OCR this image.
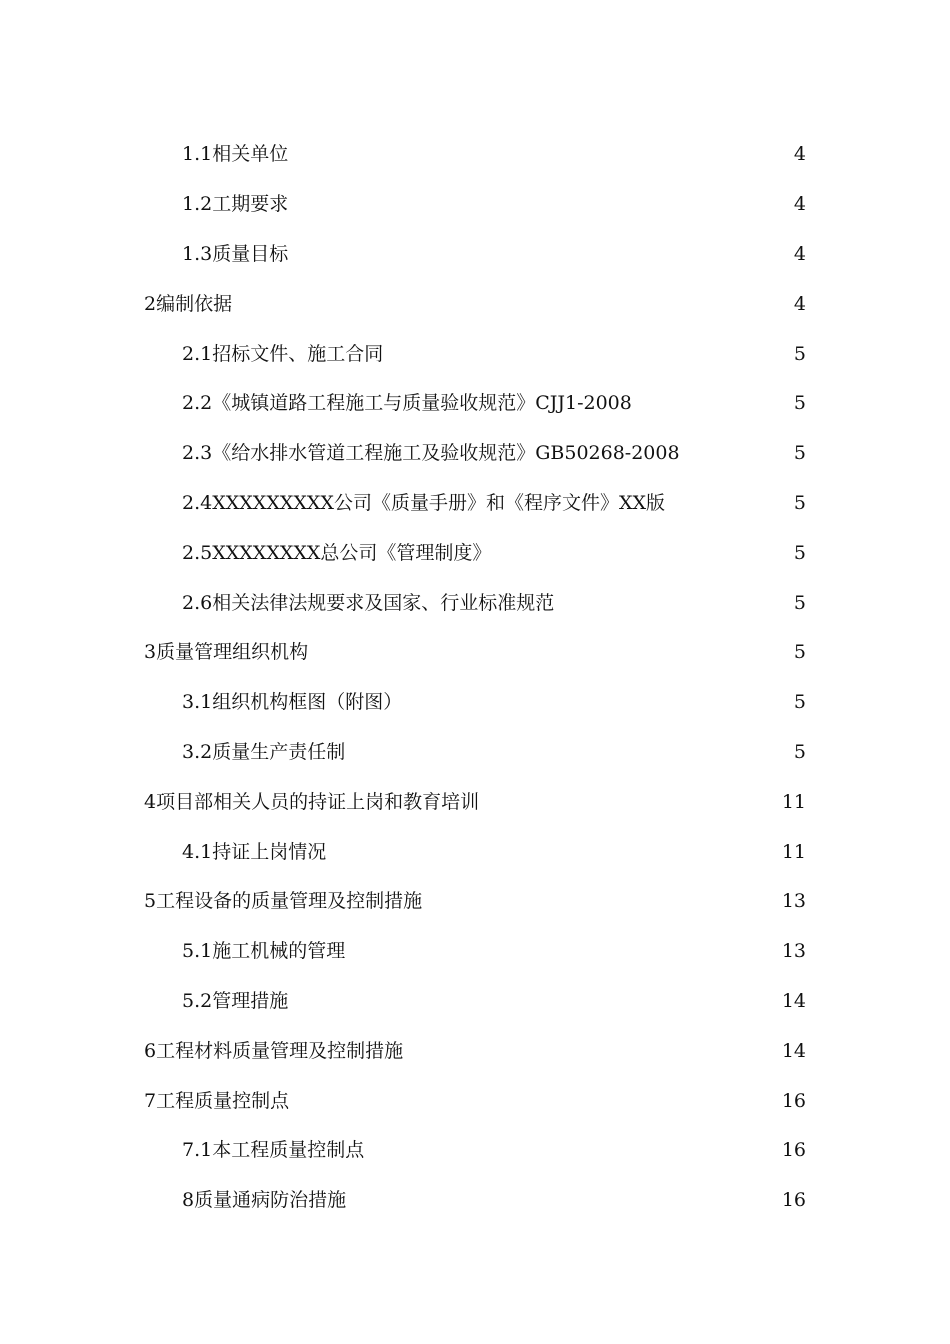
1.1相关单位	4
1.2工期要求	4
1.3质量目标	4
2编制依据	4
2.1招标文件、施工合同	5
2.2《城镇道路工程施工与质量验收规范》CJJ1-2008	5
2.3《给水排水管道工程施工及验收规范》GB50268-2008	5
2.4XXXXXXXXX公司《质量手册》和《程序文件》XX版	5
2.5XXXXXXXX总公司《管理制度》	5
2.6相关法律法规要求及国家、行业标准规范	5
3质量管理组织机构	5
3.1组织机构框图（附图）	5
3.2质量生产责任制	5
4项目部相关人员的持证上岗和教育培训	11
4.1持证上岗情况	11
5工程设备的质量管理及控制措施	13
5.1施工机械的管理	13
5.2管理措施	14
6工程材料质量管理及控制措施	14
7工程质量控制点	16
7.1本工程质量控制点	16
8质量通病防治措施	16
